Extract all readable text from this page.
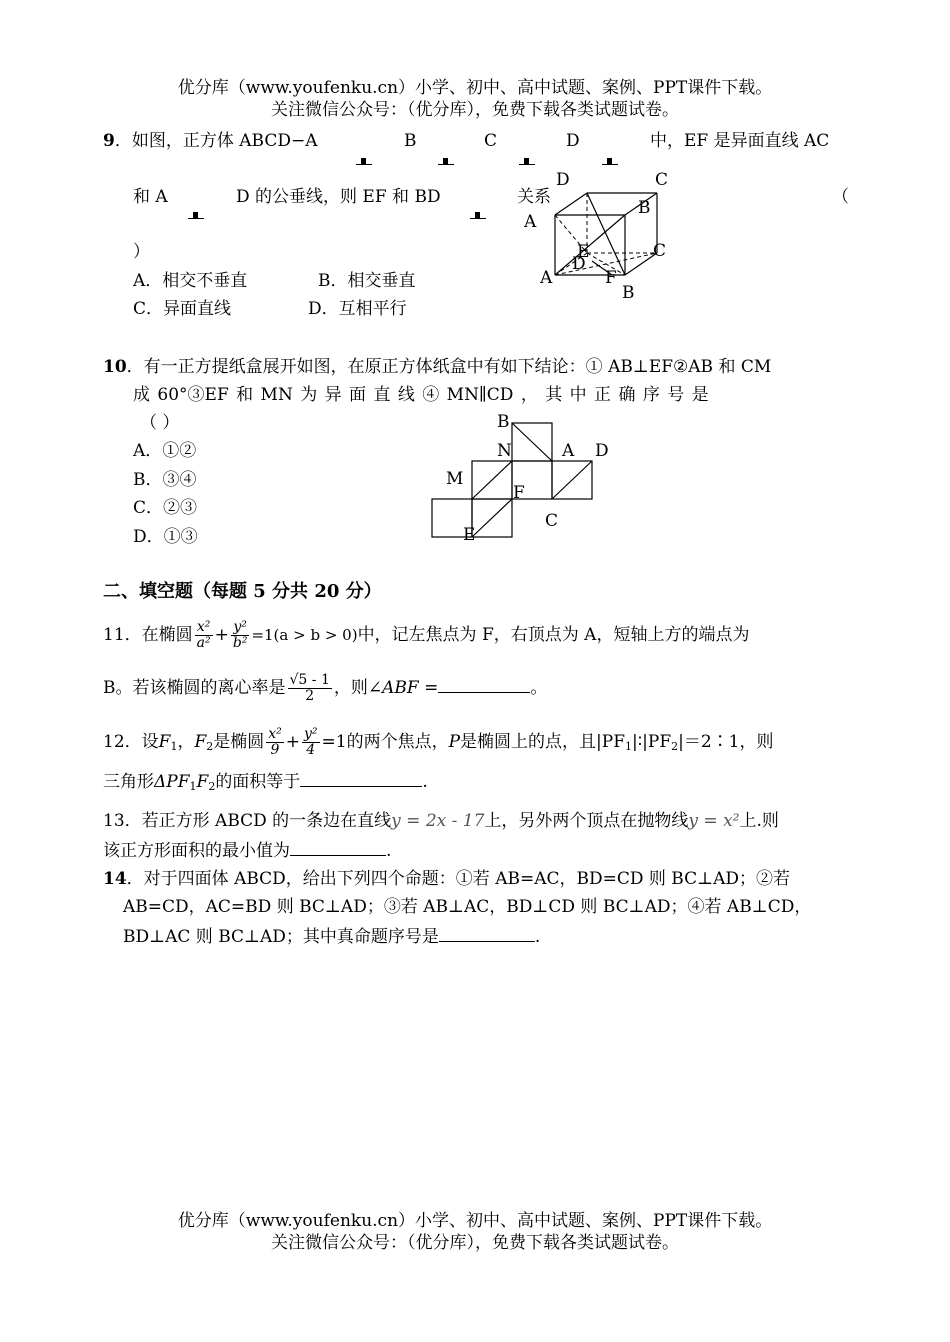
优分库（www.youfenku.cn）小学、初中、高中试题、案例、PPT课件下载。
关注微信公众号：（优分库），免费下载各类试题试卷。
9．如图，正方体 ABCD−A	B	C	D	中，EF 是异面直线 AC
和 A	D 的公垂线，则 EF 和 BD	关系	（
）
A．相交不垂直	B．相交垂直
C．异面直线	D．互相平行
D	C
A
B
C
D
A	F
B
E
10．有一正方提纸盒展开如图，在原正方体纸盒中有如下结论：① AB⊥EF②AB 和 CM
成 60°③EF 和 MN 为 异 面 直 线 ④ MN∥CD ， 其 中 正 确 序 号 是
（ ）
A．①②
B．③④
C．②③
D．①③
B
N	A D
M
F
C
E
二、填空题（每题 5 分共 20 分）
11．在椭圆 $\frac{\text{x²}}{\text{a²}} + \frac{\text{y²}}{\text{b²}} =1(a > b > 0)$中，记左焦点为 F，右顶点为 A，短轴上方的端点为
B。若该椭圆的离心率是 $\frac{√5 - 1}{2}$ ，则∠ABF =	。
12．设F1，F2是椭圆 $\frac{\text{x²}}{9} + \frac{\text{y²}}{4} =1$的两个焦点，P是椭圆上的点，且|PF1|∶|PF2|＝2∶1，则
三角形ΔPF1F2的面积等于	.
13．若正方形 ABCD 的一条边在直线y = 2x - 17上，另外两个顶点在抛物线y = x²上.则
该正方形面积的最小值为	.
14．对于四面体 ABCD，给出下列四个命题：①若 AB=AC，BD=CD 则 BC⊥AD；②若
AB=CD，AC=BD 则 BC⊥AD；③若 AB⊥AC，BD⊥CD 则 BC⊥AD；④若 AB⊥CD，
BD⊥AC 则 BC⊥AD；其中真命题序号是	.
优分库（www.youfenku.cn）小学、初中、高中试题、案例、PPT课件下载。
关注微信公众号：（优分库），免费下载各类试题试卷。
